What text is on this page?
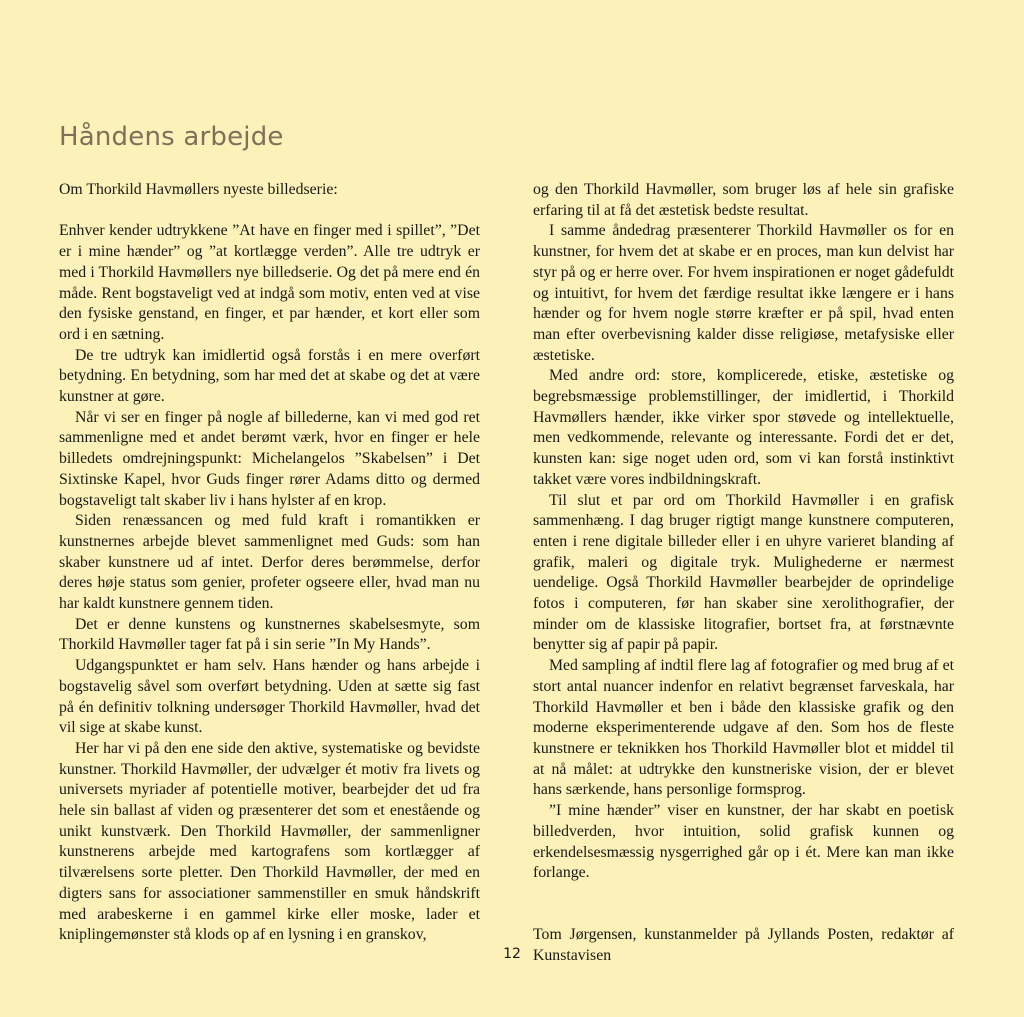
Håndens arbejde

Om Thorkild Havmøllers nyeste billedserie:

Enhver kender udtrykkene ”At have en finger med i spillet”, ”Det er i mine hænder” og ”at kortlægge verden”. Alle tre udtryk er med i Thorkild Havmøllers nye billedserie. Og det på mere end én måde. Rent bogstaveligt ved at indgå som motiv, enten ved at vise den fysiske genstand, en finger, et par hænder, et kort eller som ord i en sætning.

De tre udtryk kan imidlertid også forstås i en mere overført betydning. En betydning, som har med det at skabe og det at være kunstner at gøre.

Når vi ser en finger på nogle af billederne, kan vi med god ret sammenligne med et andet berømt værk, hvor en finger er hele billedets omdrejningspunkt: Michelangelos ”Skabelsen” i Det Sixtinske Kapel, hvor Guds finger rører Adams ditto og dermed bogstaveligt talt skaber liv i hans hylster af en krop.

Siden renæssancen og med fuld kraft i romantikken er kunstnernes arbejde blevet sammenlignet med Guds: som han skaber kunstnere ud af intet. Derfor deres berømmelse, derfor deres høje status som genier, profeter ogseere eller, hvad man nu har kaldt kunstnere gennem tiden.

Det er denne kunstens og kunstnernes skabelsesmyte, som Thorkild Havmøller tager fat på i sin serie ”In My Hands”.

Udgangspunktet er ham selv. Hans hænder og hans arbejde i bogstavelig såvel som overført betydning. Uden at sætte sig fast på én definitiv tolkning undersøger Thorkild Havmøller, hvad det vil sige at skabe kunst.

Her har vi på den ene side den aktive, systematiske og bevidste kunstner. Thorkild Havmøller, der udvælger ét motiv fra livets og universets myriader af potentielle motiver, bearbejder det ud fra hele sin ballast af viden og præsenterer det som et enestående og unikt kunstværk. Den Thorkild Havmøller, der sammenligner kunstnerens arbejde med kartografens som kortlægger af tilværelsens sorte pletter. Den Thorkild Havmøller, der med en digters sans for associationer sammenstiller en smuk håndskrift med arabeskerne i en gammel kirke eller moske, lader et kniplingemønster stå klods op af en lysning i en granskov,

og den Thorkild Havmøller, som bruger løs af hele sin grafiske erfaring til at få det æstetisk bedste resultat.

I samme åndedrag præsenterer Thorkild Havmøller os for en kunstner, for hvem det at skabe er en proces, man kun delvist har styr på og er herre over. For hvem inspirationen er noget gådefuldt og intuitivt, for hvem det færdige resultat ikke længere er i hans hænder og for hvem nogle større kræfter er på spil, hvad enten man efter overbevisning kalder disse religiøse, metafysiske eller æstetiske.

Med andre ord: store, komplicerede, etiske, æstetiske og begrebsmæssige problemstillinger, der imidlertid, i Thorkild Havmøllers hænder, ikke virker spor støvede og intellektuelle, men vedkommende, relevante og interessante. Fordi det er det, kunsten kan: sige noget uden ord, som vi kan forstå instinktivt takket være vores indbildningskraft.

Til slut et par ord om Thorkild Havmøller i en grafisk sammenhæng. I dag bruger rigtigt mange kunstnere computeren, enten i rene digitale billeder eller i en uhyre varieret blanding af grafik, maleri og digitale tryk. Mulighederne er nærmest uendelige. Også Thorkild Havmøller bearbejder de oprindelige fotos i computeren, før han skaber sine xerolithografier, der minder om de klassiske litografier, bortset fra, at førstnævnte benytter sig af papir på papir.

Med sampling af indtil flere lag af fotografier og med brug af et stort antal nuancer indenfor en relativt begrænset farveskala, har Thorkild Havmøller et ben i både den klassiske grafik og den moderne eksperimenterende udgave af den. Som hos de fleste kunstnere er teknikken hos Thorkild Havmøller blot et middel til at nå målet: at udtrykke den kunstneriske vision, der er blevet hans særkende, hans personlige formsprog.

”I mine hænder” viser en kunstner, der har skabt en poetisk billedverden, hvor intuition, solid grafisk kunnen og erkendelsesmæssig nysgerrighed går op i ét. Mere kan man ikke forlange.

Tom Jørgensen, kunstanmelder på Jyllands Posten, redaktør af Kunstavisen

12
